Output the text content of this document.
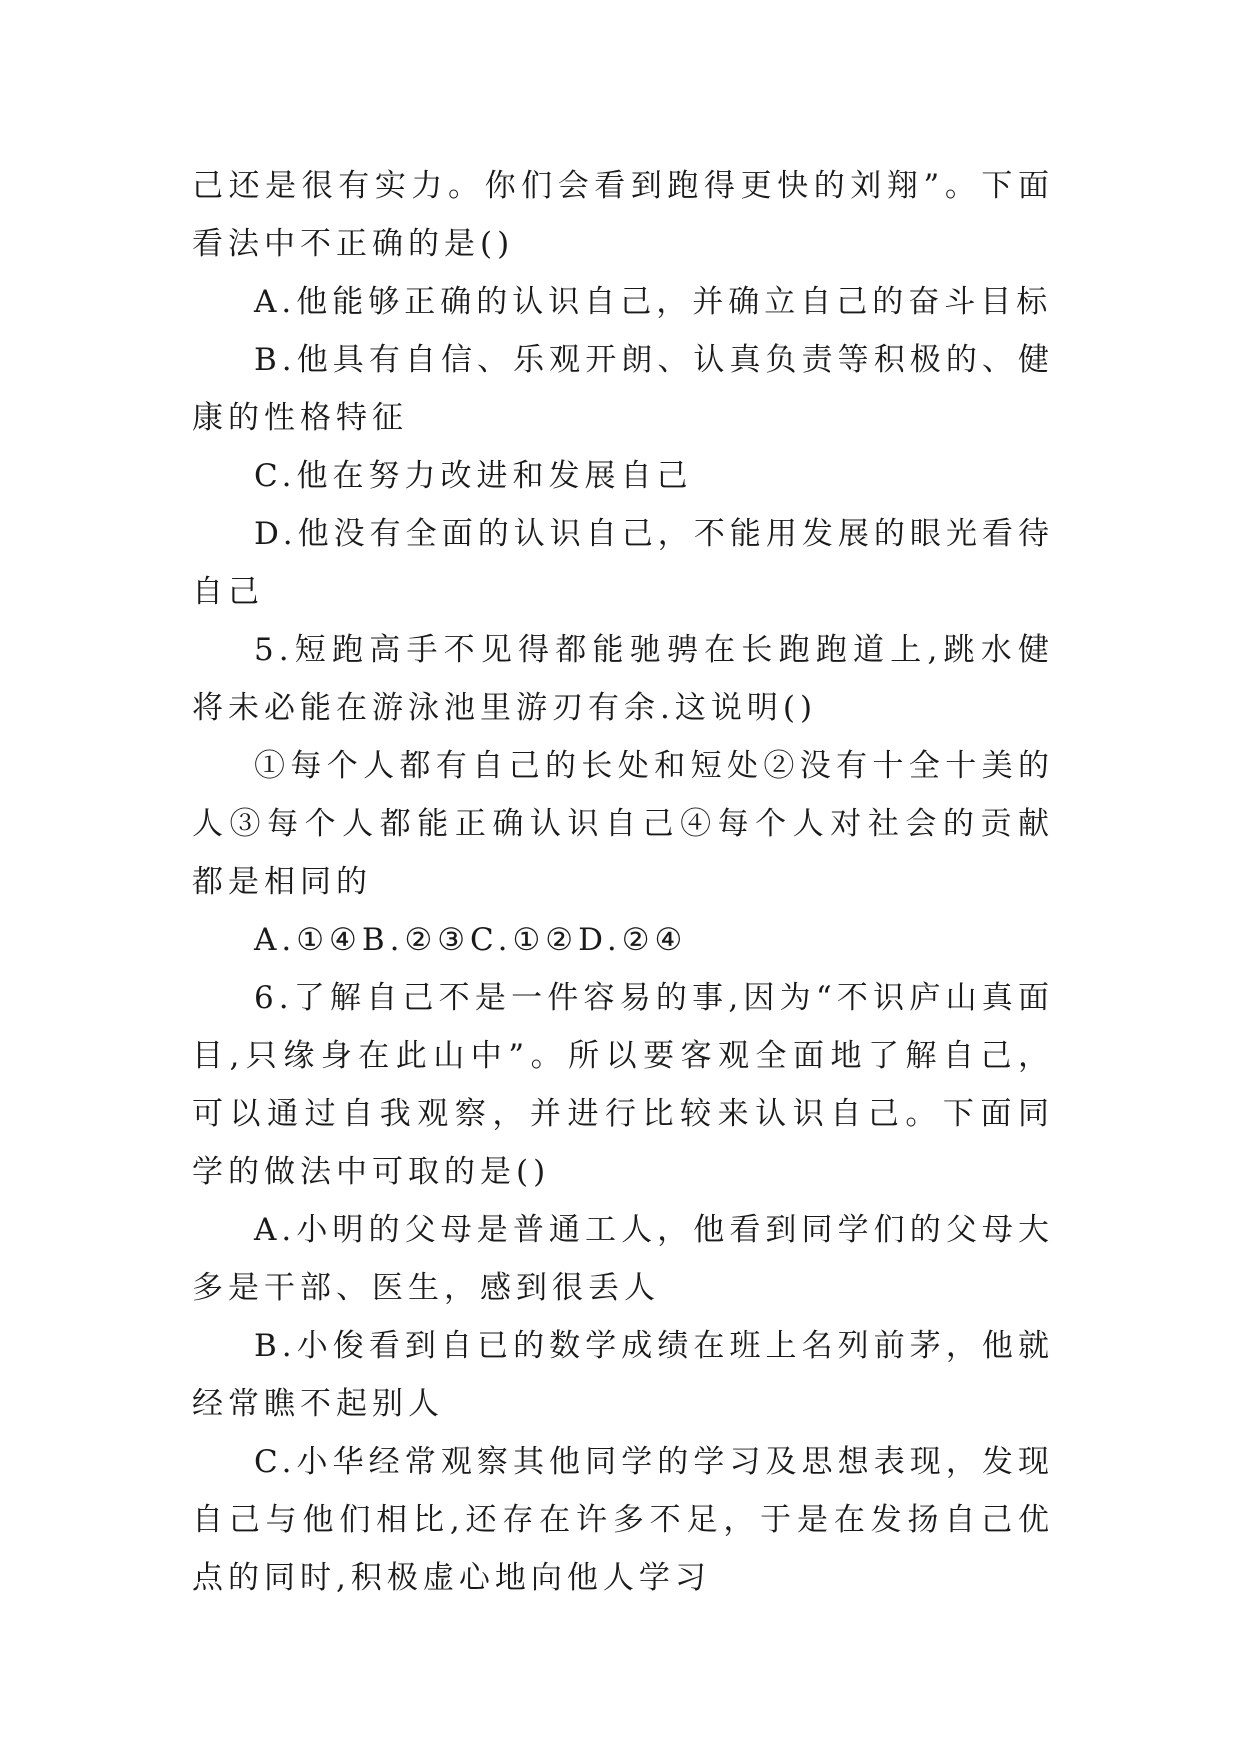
己还是很有实力。你们会看到跑得更快的刘翔”。下面看法中不正确的是()

A.他能够正确的认识自己，并确立自己的奋斗目标

B.他具有自信、乐观开朗、认真负责等积极的、健康的性格特征

C.他在努力改进和发展自己

D.他没有全面的认识自己，不能用发展的眼光看待自己

5.短跑高手不见得都能驰骋在长跑跑道上,跳水健将未必能在游泳池里游刃有余.这说明()

①每个人都有自己的长处和短处②没有十全十美的人③每个人都能正确认识自己④每个人对社会的贡献都是相同的

A.①④B.②③C.①②D.②④

6.了解自己不是一件容易的事,因为“不识庐山真面目,只缘身在此山中”。所以要客观全面地了解自己，可以通过自我观察，并进行比较来认识自己。下面同学的做法中可取的是()

A.小明的父母是普通工人，他看到同学们的父母大多是干部、医生，感到很丢人

B.小俊看到自已的数学成绩在班上名列前茅，他就经常瞧不起别人

C.小华经常观察其他同学的学习及思想表现，发现自己与他们相比,还存在许多不足，于是在发扬自己优点的同时,积极虚心地向他人学习
